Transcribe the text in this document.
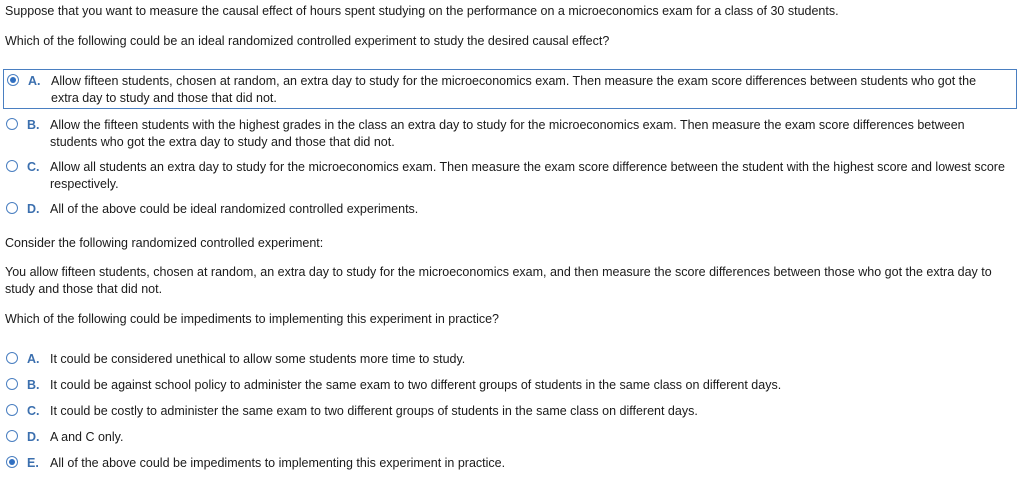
Suppose that you want to measure the causal effect of hours spent studying on the performance on a microeconomics exam for a class of 30 students.

Which of the following could be an ideal randomized controlled experiment to study the desired causal effect?

A. Allow fifteen students, chosen at random, an extra day to study for the microeconomics exam. Then measure the exam score differences between students who got the extra day to study and those that did not.
B. Allow the fifteen students with the highest grades in the class an extra day to study for the microeconomics exam. Then measure the exam score differences between students who got the extra day to study and those that did not.
C. Allow all students an extra day to study for the microeconomics exam. Then measure the exam score difference between the student with the highest score and lowest score respectively.
D. All of the above could be ideal randomized controlled experiments.

Consider the following randomized controlled experiment:

You allow fifteen students, chosen at random, an extra day to study for the microeconomics exam, and then measure the score differences between those who got the extra day to study and those that did not.

Which of the following could be impediments to implementing this experiment in practice?

A. It could be considered unethical to allow some students more time to study.
B. It could be against school policy to administer the same exam to two different groups of students in the same class on different days.
C. It could be costly to administer the same exam to two different groups of students in the same class on different days.
D. A and C only.
E. All of the above could be impediments to implementing this experiment in practice.
